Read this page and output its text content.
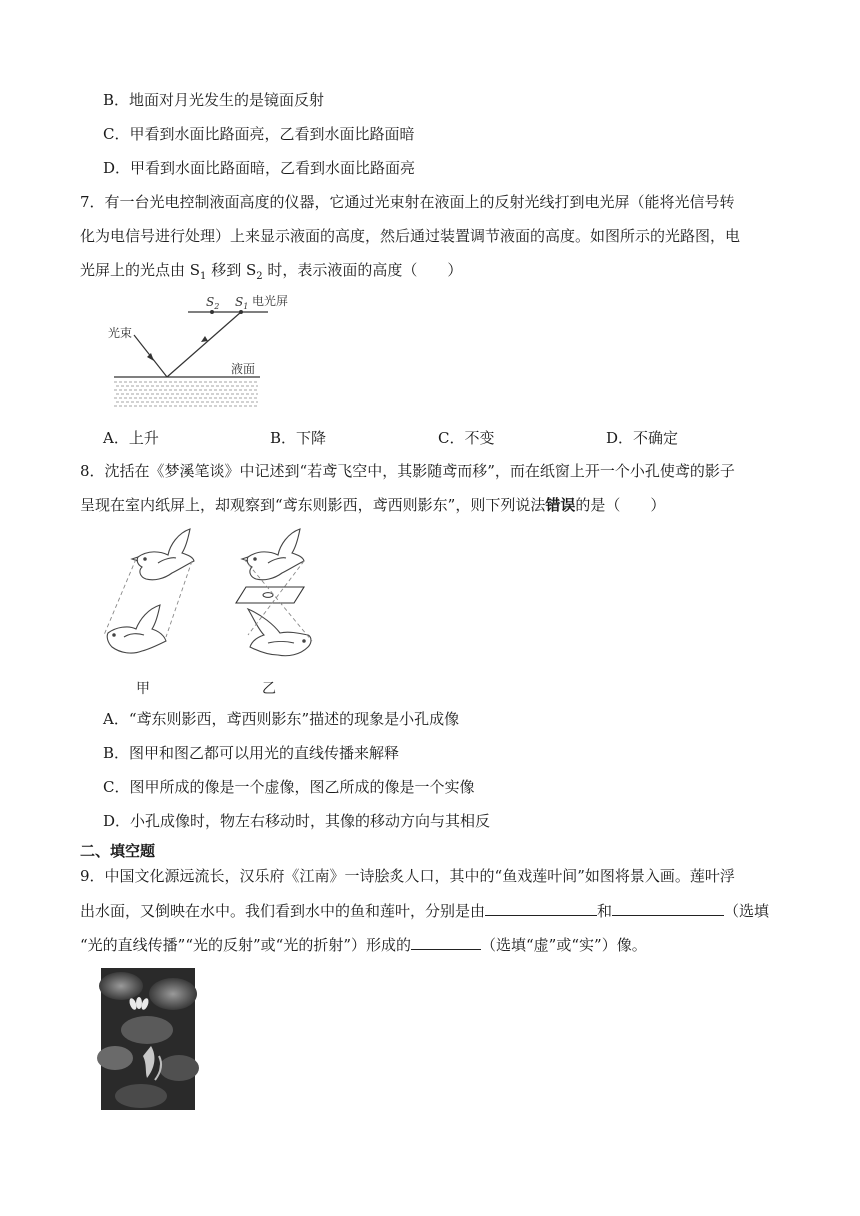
B．地面对月光发生的是镜面反射
C．甲看到水面比路面亮，乙看到水面比路面暗
D．甲看到水面比路面暗，乙看到水面比路面亮
7．有一台光电控制液面高度的仪器，它通过光束射在液面上的反射光线打到电光屏（能将光信号转
化为电信号进行处理）上来显示液面的高度，然后通过装置调节液面的高度。如图所示的光路图，电
光屏上的光点由 $S_1$ 移到 $S_2$ 时，表示液面的高度（　　）
光束
$S_2$ $S_1$ 电光屏
液面
A．上升	B．下降	C．不变	D．不确定
8．沈括在《梦溪笔谈》中记述到“若鸢飞空中，其影随鸢而移”，而在纸窗上开一个小孔使鸢的影子
呈现在室内纸屏上，却观察到“鸢东则影西，鸢西则影东”，则下列说法错误的是（　　）
甲	乙
A．“鸢东则影西，鸢西则影东”描述的现象是小孔成像
B．图甲和图乙都可以用光的直线传播来解释
C．图甲所成的像是一个虚像，图乙所成的像是一个实像
D．小孔成像时，物左右移动时，其像的移动方向与其相反
二、填空题
9．中国文化源远流长，汉乐府《江南》一诗脍炙人口，其中的“鱼戏莲叶间”如图将景入画。莲叶浮
出水面，又倒映在水中。我们看到水中的鱼和莲叶，分别是由	和	（选填
“光的直线传播”“光的反射”或“光的折射”）形成的	（选填“虚”或“实”）像。
